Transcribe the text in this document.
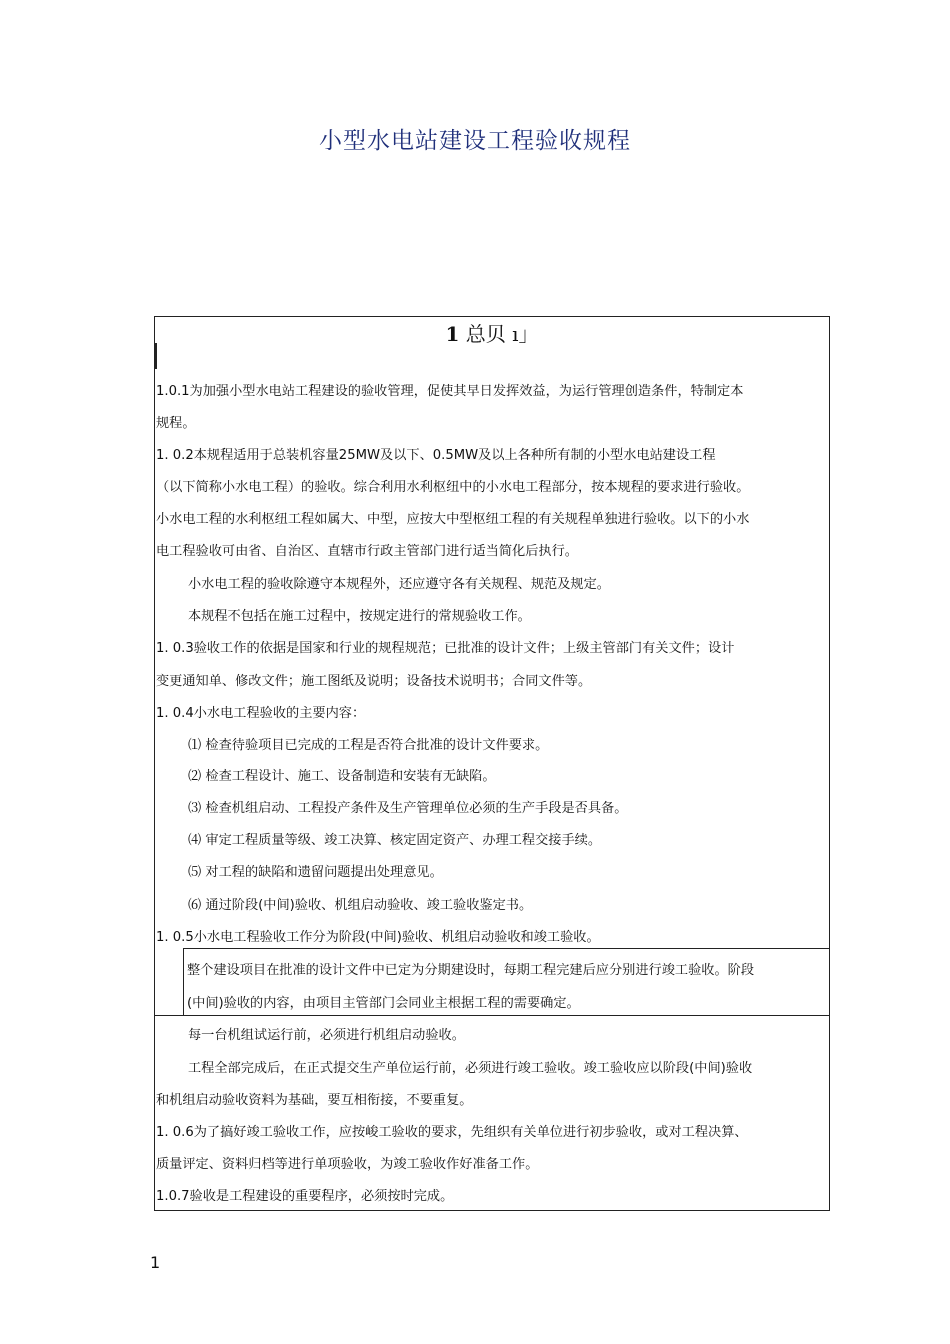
小型水电站建设工程验收规程
1 总贝 ı」
1.0.1为加强小型水电站工程建设的验收管理，促使其早日发挥效益，为运行管理创造条件，特制定本
规程。
1. 0.2本规程适用于总装机容量25MW及以下、0.5MW及以上各种所有制的小型水电站建设工程
（以下简称小水电工程）的验收。综合利用水利枢纽中的小水电工程部分，按本规程的要求进行验收。
小水电工程的水利枢纽工程如属大、中型，应按大中型枢纽工程的有关规程单独进行验收。以下的小水
电工程验收可由省、自治区、直辖市行政主管部门进行适当简化后执行。
小水电工程的验收除遵守本规程外，还应遵守各有关规程、规范及规定。
本规程不包括在施工过程中，按规定进行的常规验收工作。
1. 0.3验收工作的依据是国家和行业的规程规范；已批准的设计文件；上级主管部门有关文件；设计
变更通知单、修改文件；施工图纸及说明；设备技术说明书；合同文件等。
1. 0.4小水电工程验收的主要内容：
⑴ 检查待验项目已完成的工程是否符合批准的设计文件要求。
⑵ 检查工程设计、施工、设备制造和安装有无缺陷。
⑶ 检查机组启动、工程投产条件及生产管理单位必须的生产手段是否具备。
⑷ 审定工程质量等级、竣工决算、核定固定资产、办理工程交接手续。
⑸ 对工程的缺陷和遗留问题提出处理意见。
⑹ 通过阶段(中间)验收、机组启动验收、竣工验收鉴定书。
1. 0.5小水电工程验收工作分为阶段(中间)验收、机组启动验收和竣工验收。
整个建设项目在批准的设计文件中已定为分期建设时，每期工程完建后应分别进行竣工验收。阶段
(中间)验收的内容，由项目主管部门会同业主根据工程的需要确定。
每一台机组试运行前，必须进行机组启动验收。
工程全部完成后，在正式提交生产单位运行前，必须进行竣工验收。竣工验收应以阶段(中间)验收
和机组启动验收资料为基础，要互相衔接，不要重复。
1. 0.6为了搞好竣工验收工作，应按峻工验收的要求，先组织有关单位进行初步验收，或对工程决算、
质量评定、资料归档等进行单项验收，为竣工验收作好准备工作。
1.0.7验收是工程建设的重要程序，必须按时完成。
1
